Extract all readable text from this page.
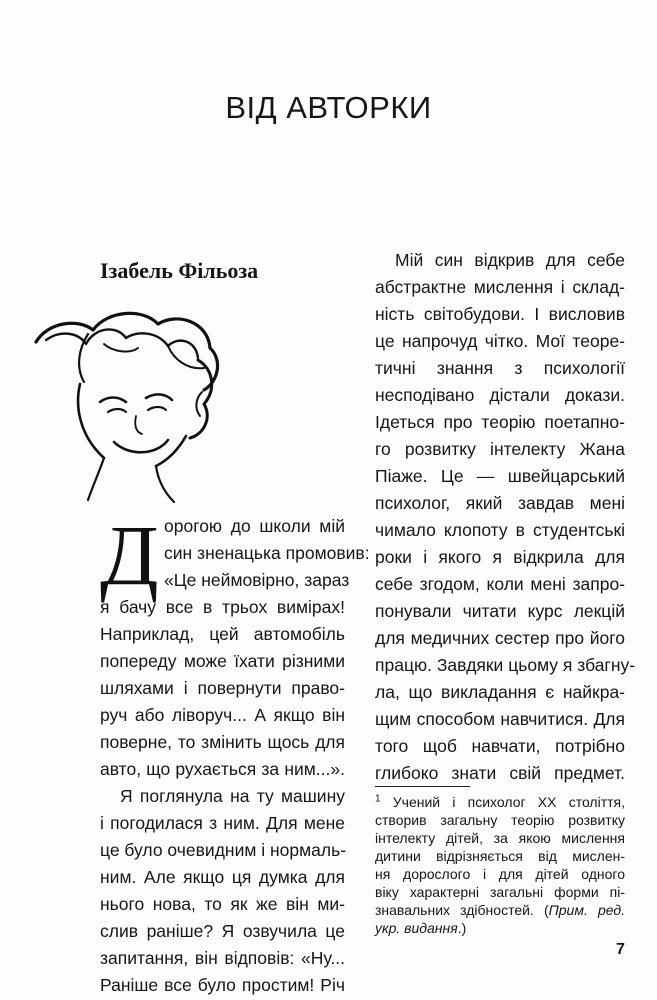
ВІД АВТОРКИ
Ізабель Фільоза
Д орогою до школи мій
син зненацька промовив:
«Це неймовірно, зараз
я бачу все в трьох вимірах!
Наприклад, цей автомобіль
попереду може їхати різними
шляхами і повернути право-
руч або ліворуч... А якщо він
поверне, то змінить щось для
авто, що рухається за ним...».
Я поглянула на ту машину
і погодилася з ним. Для мене
це було очевидним і нормаль-
ним. Але якщо ця думка для
нього нова, то як же він ми-
слив раніше? Я озвучила це
запитання, він відповів: «Ну...
Раніше все було простим! Річ
Мій син відкрив для себе
абстрактне мислення і склад-
ність світобудови. І висловив
це напрочуд чітко. Мої теоре-
тичні знання з психології
несподівано дістали докази.
Ідеться про теорію поетапно-
го розвитку інтелекту Жана
Піаже. Це — швейцарський
психолог, який завдав мені
чимало клопоту в студентські
роки і якого я відкрила для
себе згодом, коли мені запро-
понували читати курс лекцій
для медичних сестер про його
працю. Завдяки цьому я збагну-
ла, що викладання є найкра-
щим способом навчитися. Для
того щоб навчати, потрібно
глибоко знати свій предмет.
$^1$ Учений і психолог XX століття,
створив загальну теорію розвитку
інтелекту дітей, за якою мислення
дитини відрізняється від мислен-
ня дорослого і для дітей одного
віку характерні загальні форми пі-
знавальних здібностей. (Прим. ред.
укр. видання.)
7
